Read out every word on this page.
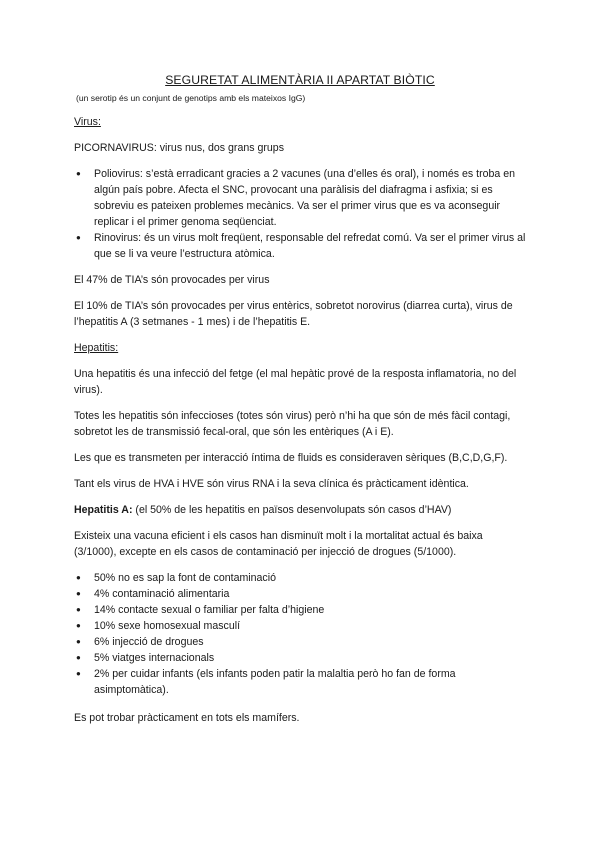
SEGURETAT ALIMENTÀRIA II APARTAT BIÒTIC
(un serotip és un conjunt de genotips amb els mateixos IgG)
Virus:

PICORNAVIRUS: virus nus, dos grans grups

● Poliovirus: s’està erradicant gracies a 2 vacunes (una d’elles és oral), i només es troba en algún país pobre. Afecta el SNC, provocant una paràlisis del diafragma i asfixia; si es sobreviu es pateixen problemes mecànics. Va ser el primer virus que es va aconseguir replicar i el primer genoma seqüenciat.
● Rinovirus: és un virus molt freqüent, responsable del refredat comú. Va ser el primer virus al que se li va veure l’estructura atòmica.

El 47% de TIA’s són provocades per virus

El 10% de TIA’s són provocades per virus entèrics, sobretot norovirus (diarrea curta), virus de l’hepatitis A (3 setmanes - 1 mes) i de l’hepatitis E.

Hepatitis:

Una hepatitis és una infecció del fetge (el mal hepàtic prové de la resposta inflamatoria, no del virus).

Totes les hepatitis són infeccioses (totes són virus) però n’hi ha que són de més fàcil contagi, sobretot les de transmissió fecal-oral, que són les entèriques (A i E).

Les que es transmeten per interacció íntima de fluids es consideraven sèriques (B,C,D,G,F).

Tant els virus de HVA i HVE són virus RNA i la seva clínica és pràcticament idèntica.

Hepatitis A: (el 50% de les hepatitis en països desenvolupats són casos d’HAV)

Existeix una vacuna eficient i els casos han disminuït molt i la mortalitat actual és baixa (3/1000), excepte en els casos de contaminació per injecció de drogues (5/1000).

● 50% no es sap la font de contaminació
● 4% contaminació alimentaria
● 14% contacte sexual o familiar per falta d’higiene
● 10% sexe homosexual masculí
● 6% injecció de drogues
● 5% viatges internacionals
● 2% per cuidar infants (els infants poden patir la malaltia però ho fan de forma asimptomàtica).

Es pot trobar pràcticament en tots els mamífers.
